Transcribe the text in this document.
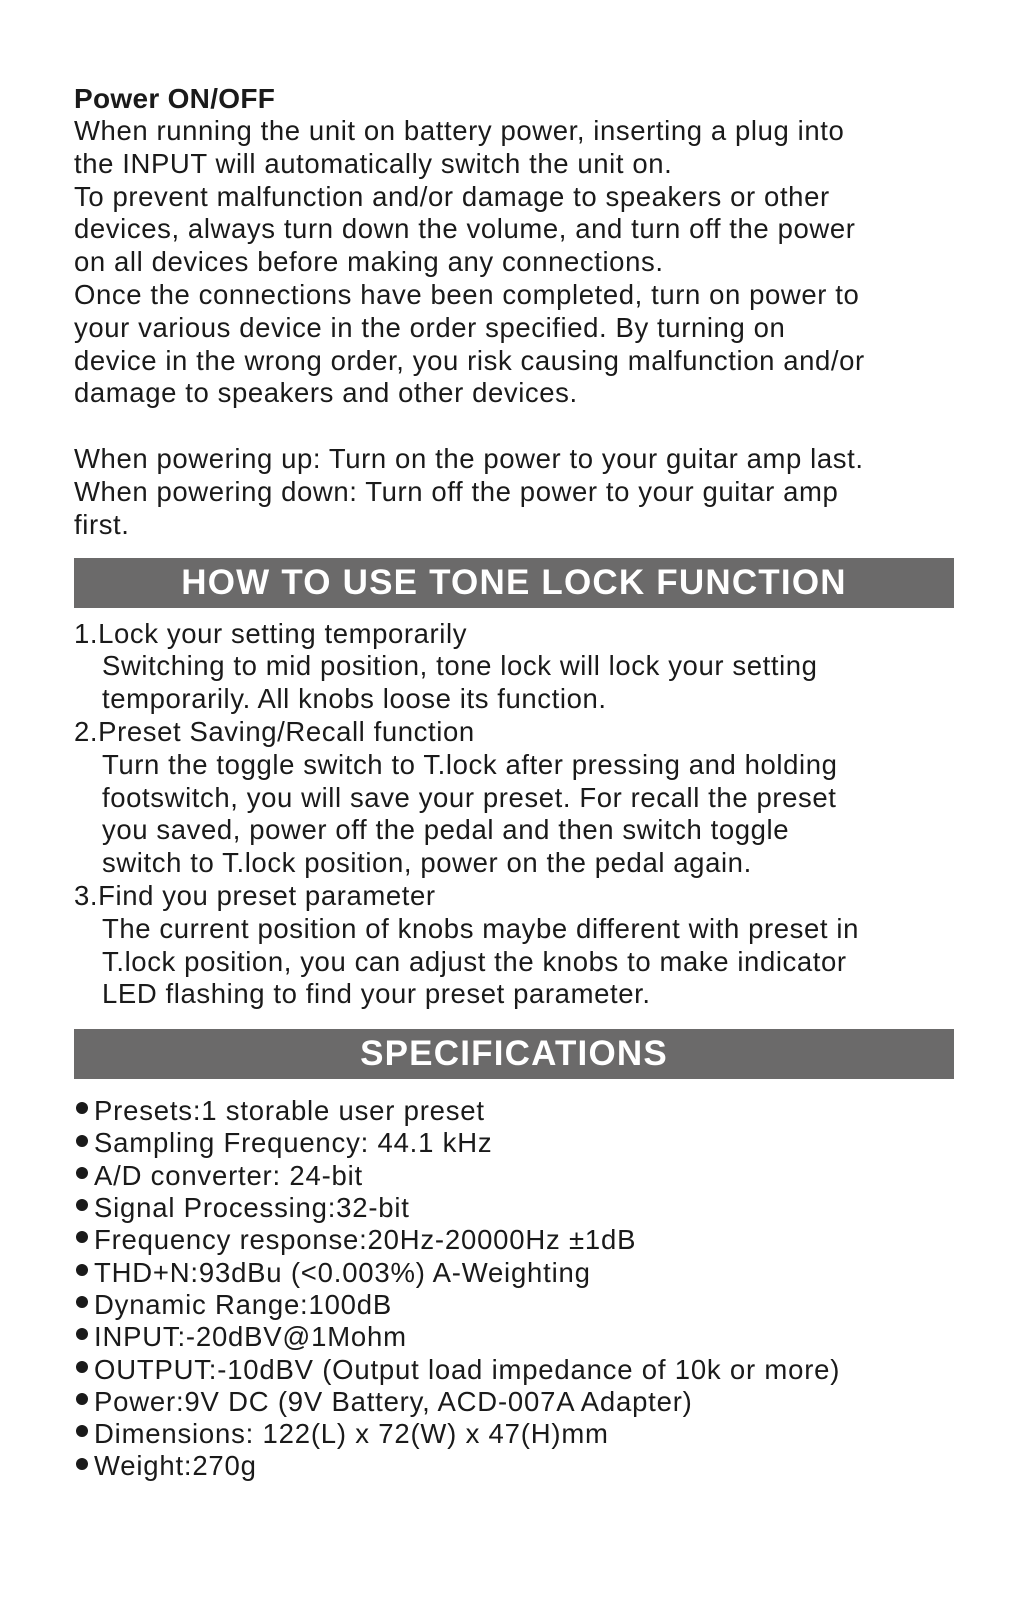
Power ON/OFF

When running the unit on battery power, inserting a plug into
the INPUT will automatically switch the unit on.

To prevent malfunction and/or damage to speakers or other
devices, always turn down the volume, and turn off the power
on all devices before making any connections.

Once the connections have been completed, turn on power to
your various device in the order specified. By turning on
device in the wrong order, you risk causing malfunction and/or
damage to speakers and other devices.

When powering up: Turn on the power to your guitar amp last.

When powering down: Turn off the power to your guitar amp
first.

HOW TO USE TONE LOCK FUNCTION

1.Lock your setting temporarily

Switching to mid position, tone lock will lock your setting
temporarily. All knobs loose its function.

2.Preset Saving/Recall function

Turn the toggle switch to T.lock after pressing and holding
footswitch, you will save your preset. For recall the preset
you saved, power off the pedal and then switch toggle
switch to T.lock position, power on the pedal again.

3.Find you preset parameter

The current position of knobs maybe different with preset in
T.lock position, you can adjust the knobs to make indicator
LED flashing to find your preset parameter.

SPECIFICATIONS
Presets:1 storable user preset
Sampling Frequency: 44.1 kHz
A/D converter: 24-bit
Signal Processing:32-bit
Frequency response:20Hz-20000Hz ±1dB
THD+N:93dBu (<0.003%) A-Weighting
Dynamic Range:100dB
INPUT:-20dBV@1Mohm
OUTPUT:-10dBV (Output load impedance of 10k or more)
Power:9V DC (9V Battery, ACD-007A Adapter)
Dimensions: 122(L) x 72(W) x 47(H)mm
Weight:270g
